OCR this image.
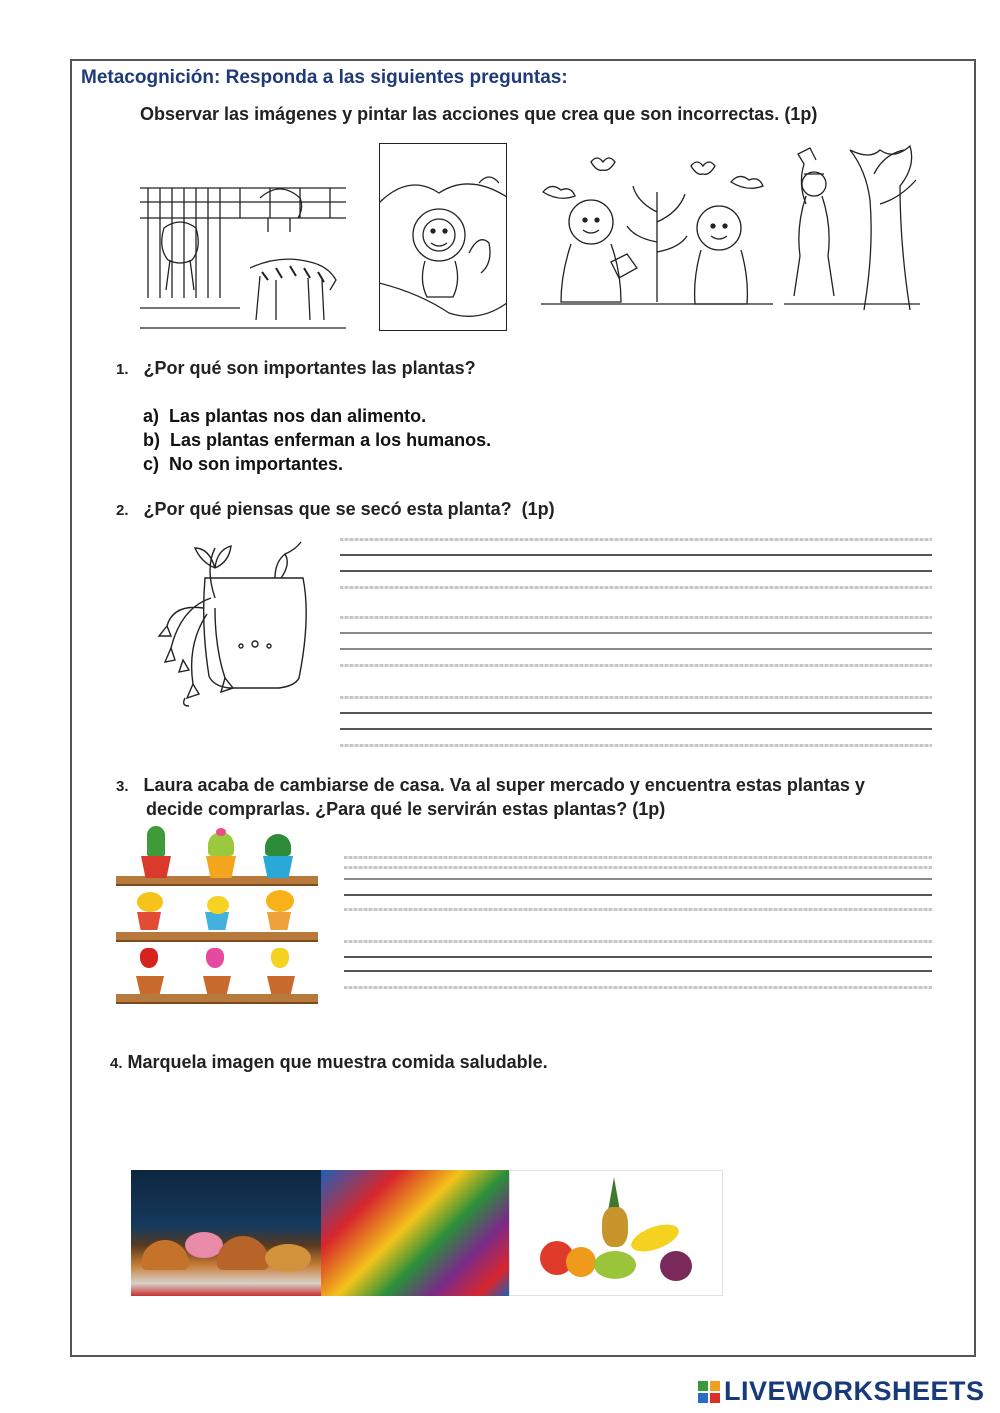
Metacognición: Responda a las siguientes preguntas:
Observar las imágenes y pintar las acciones que crea que son incorrectas. (1p)
1. ¿Por qué son importantes las plantas?
a) Las plantas nos dan alimento.
b) Las plantas enferman a los humanos.
c) No son importantes.
2. ¿Por qué piensas que se secó esta planta? (1p)
3. Laura acaba de cambiarse de casa. Va al super mercado y encuentra estas plantas y
decide comprarlas. ¿Para qué le servirán estas plantas? (1p)
4. Marquela imagen que muestra comida saludable.
LIVEWORKSHEETS
